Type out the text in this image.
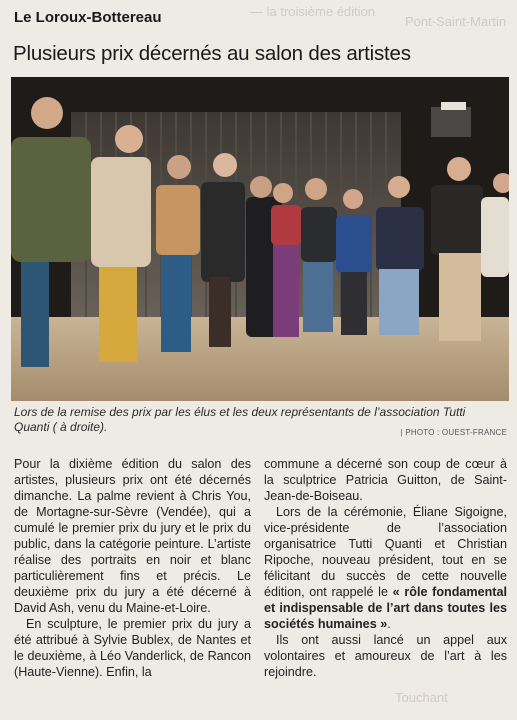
— la troisième édition
Pont-Saint-Martin
Touchant
Le Loroux-Bottereau
Plusieurs prix décernés au salon des artistes
Lors de la remise des prix par les élus et les deux représentants de l’association Tutti Quanti ( à droite).	| PHOTO : OUEST-FRANCE

Pour la dixième édition du salon des artistes, plusieurs prix ont été décernés dimanche. La palme revient à Chris You, de Mortagne-sur-Sèvre (Vendée), qui a cumulé le premier prix du jury et le prix du public, dans la catégorie peinture. L’artiste réalise des portraits en noir et blanc particulièrement fins et précis. Le deuxième prix du jury a été décerné à David Ash, venu du Maine-et-Loire.

En sculpture, le premier prix du jury a été attribué à Sylvie Bublex, de Nantes et le deuxième, à Léo Vanderlick, de Rancon (Haute-Vienne). Enfin, la

commune a décerné son coup de cœur à la sculptrice Patricia Guitton, de Saint-Jean-de-Boiseau.

Lors de la cérémonie, Éliane Sigoigne, vice-présidente de l’association organisatrice Tutti Quanti et Christian Ripoche, nouveau président, tout en se félicitant du succès de cette nouvelle édition, ont rappelé le « rôle fondamental et indispensable de l’art dans toutes les sociétés humaines ».

Ils ont aussi lancé un appel aux volontaires et amoureux de l’art à les rejoindre.
